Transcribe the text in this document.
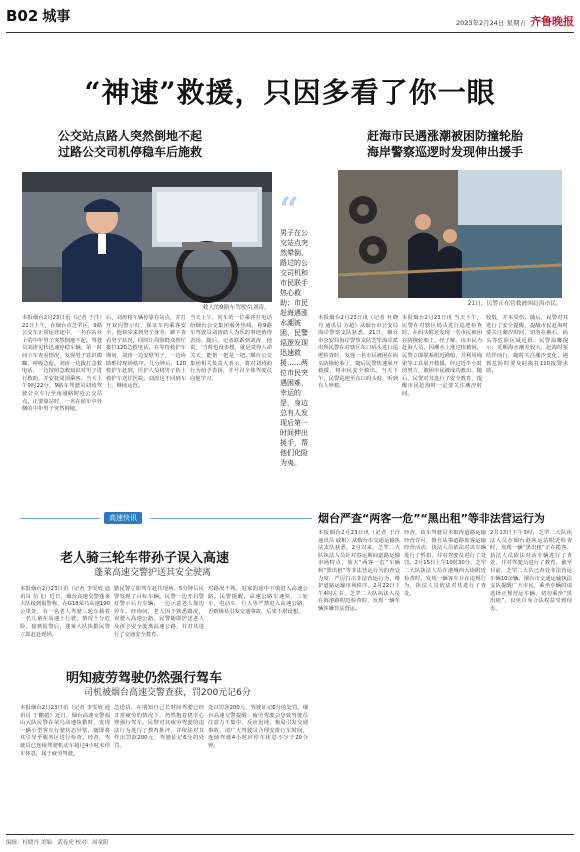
B02 城事	2023年2月24日 星期五 齐鲁晚报
“神速”救援，只因多看了你一眼
公交站点路人突然倒地不起
过路公交司机停稳车后施救
救人的9路车驾驶员刘涛。
本报烟台2月23日讯（记者 于洋）21日上午，在烟台市芝罘区，9路公交车正常运营途中，一名在站台上的中年男子突然倒地不起。驾驶员刘涛见状迅速停稳车辆，第一时间下车查看情况，发现男子意识模糊、呼吸急促。刘涛一边拨打急救电话，一边按照急救知识对男子进行救助，并安抚周围乘客。当天上午9时22分，9路车驾驶员刘涛驾驶公交车行至南通路附近公交站点，正要靠站时，一名在候车亭外侧的中年男子突然倒地。
后，刘涛将车辆停靠在站点，并打开双闪警示灯，保证车内乘客安全。他快步来到男子身旁，蹲下查看男子状况，同时让周围群众帮忙拨打120急救电话。在等待救护车期间，刘涛一边安慰男子，一边协助维持现场秩序。几分钟后，120救护车赶到，医护人员将男子抬上救护车送往医院。刘涛这才回到车上，继续运营。
当天上午，同车的一位乘客打电话给烟台公交集团服务热线，称9路车驾驶员刘涛助人为乐的事迹值得表扬。随后，记者联系到刘涛，他说，‘当时也没多想，就是觉得人命关天，能帮一把是一把。’烟台公交集团相关负责人表示，将对刘涛的行为给予表扬，并号召全体驾驶员向他学习。
“
男子在公交站点突然晕倒，路过的公交司机和市民联手热心救助；市民赶海遇涨水潮被困，民警巡逻发现迅速救援……两位市民突遇困难，幸运的是，身边总有人发现后第一时间伸出援手，帮他们化险为夷。
赶海市民遇涨潮被困防撞轮胎
海岸警察巡逻时发现伸出援手
21日，民警正在营救被困赶海市民。
本报烟台2月23日讯（记者 杜晓丹 通讯员 方超）从烟台市公安局海岸警察支队获悉，21日，烟台市公安局海岸警察支队芝罘海岸派出所民警在对辖区东口码头进行巡逻检查时，发现一名市民被困在码头防撞轮胎上，随后民警快速展开救援，将市民安全救出。当天下午，民警巡逻至东口码头时，听到有人呼救。
本报烟台2月23日讯 当天下午，民警在对辖区码头进行巡逻检查时，在码头附近发现一名市民被困在防撞轮胎上。经了解，该市民为赶海人员，因潮水上涨过快被困。民警立即联系附近渔船，并利用绳索等工具展开救援。经过近半小时的努力，被困市民被成功救出。随后，民警对其进行了安全教育，提醒市民赶海时一定要关注潮汐时间。
较低，并未受伤。随后，民警对其进行了安全提醒，提醒市民赶海时要关注潮汐时间，切勿在礁石、码头等危险区域逗留。民警温馨提示：近期海水潮差较大，赶海时要结伴而行，随时关注潮汐变化，遇到危险时要及时拨打110报警求助。
高速快讯
老人骑三轮车带孙子误入高速
蓬莱高速交警护送其安全驶离
本报烟台2月23日讯（记者 李雯姣 通讯员 信飞）近日，烟台高速交警蓬莱大队接到报警称，在G18荣乌高速190公里处，有一名老人驾驶三轮车载着一名儿童在高速上行驶，情况十分危险。接到报警后，蓬莱大队执勤民警立即赶赴现场。
勤民警立即驾车赶往现场，5分钟后民警发现了目标车辆。民警一边开启警灯警示后方车辆，一边示意老人靠边停车。经询问，老人因不熟悉路况，误驶入高速公路。民警随即护送老人及孩子安全驶离高速公路，并对其进行了交通安全教育。
对路况不熟，追家的途中不慎进入高速公路。民警提醒，高速公路车速快，三轮车、电动车、行人等严禁进入高速公路，否则极易引发交通事故，后果不堪设想。
明知疲劳驾驶仍然强行驾车
司机被烟台高速交警查获，罚200元记6分
本报烟台2月23日讯（记者 李雯姣 通讯员 于鹏超）近日，烟台高速交警福山大队民警在荣乌高速执勤时，发现一辆小型客车行驶状态异常，随即将其引导至服务区进行检查。经查，驾驶员已连续驾驶机动车超过4小时未停车休息，属于疲劳驾驶。
急送货，在明知自己长时间驾驶已经非常疲劳的情况下，仍然抱着侥幸心理强行驾车。民警对其疲劳驾驶的违法行为进行了教育批评，并依法对其作出罚款200元、驾驶证记6分的处罚。
处以罚款200元、驾驶证记6分的处罚。烟台高速交警提醒：疲劳驾驶会导致驾驶员注意力不集中、反应迟钝，极易引发交通事故，请广大驾驶员合理安排行车时间，连续驾驶4小时应停车休息不少于20分钟。
烟台严查“两客一危”“黑出租”等非法营运行为
本报烟台2月23日讯（记者 于洋 通讯员 戚彬）从烟台市交通运输执法支队获悉，2月以来，芝罘二大队执法人员针对春运期间道路运输市场特点，加大“两客一危”车辆和“黑出租”等非法营运行为的查处力度，严厉打击非法营运行为，维护道路运输市场秩序。2月22日下午4时左右，芝罘二大队执法人员在海港路附近检查时，发现一辆车辆涉嫌非法营运。
经查，该车驾驶员未取得道路运输经营许可，擅自从事道路旅客运输经营活动，执法人员依法对该车辆进行了暂扣，并对驾驶员进行了处罚。2月15日上午10时30分，芝罘二大队执法人员在港城西大街附近检查时，发现一辆客车存在违规行为，执法人员依法对其进行了查处。
2月13日下午3时，芝罘二大队执法人员在烟台港客运站附近检查时，发现一辆“黑出租”正在揽客。执法人员依法对该车辆进行了查处，并对驾驶员进行了教育。截至目前，芝罘二大队已查处非法营运车辆10余辆。烟台市交通运输执法支队提醒广大市民，乘坐车辆时请选择正规营运车辆，切勿乘坐“黑出租”，以免自身合法权益受到侵害。
编辑：杜晓丹 美编：武春虎 校对：周童阳
